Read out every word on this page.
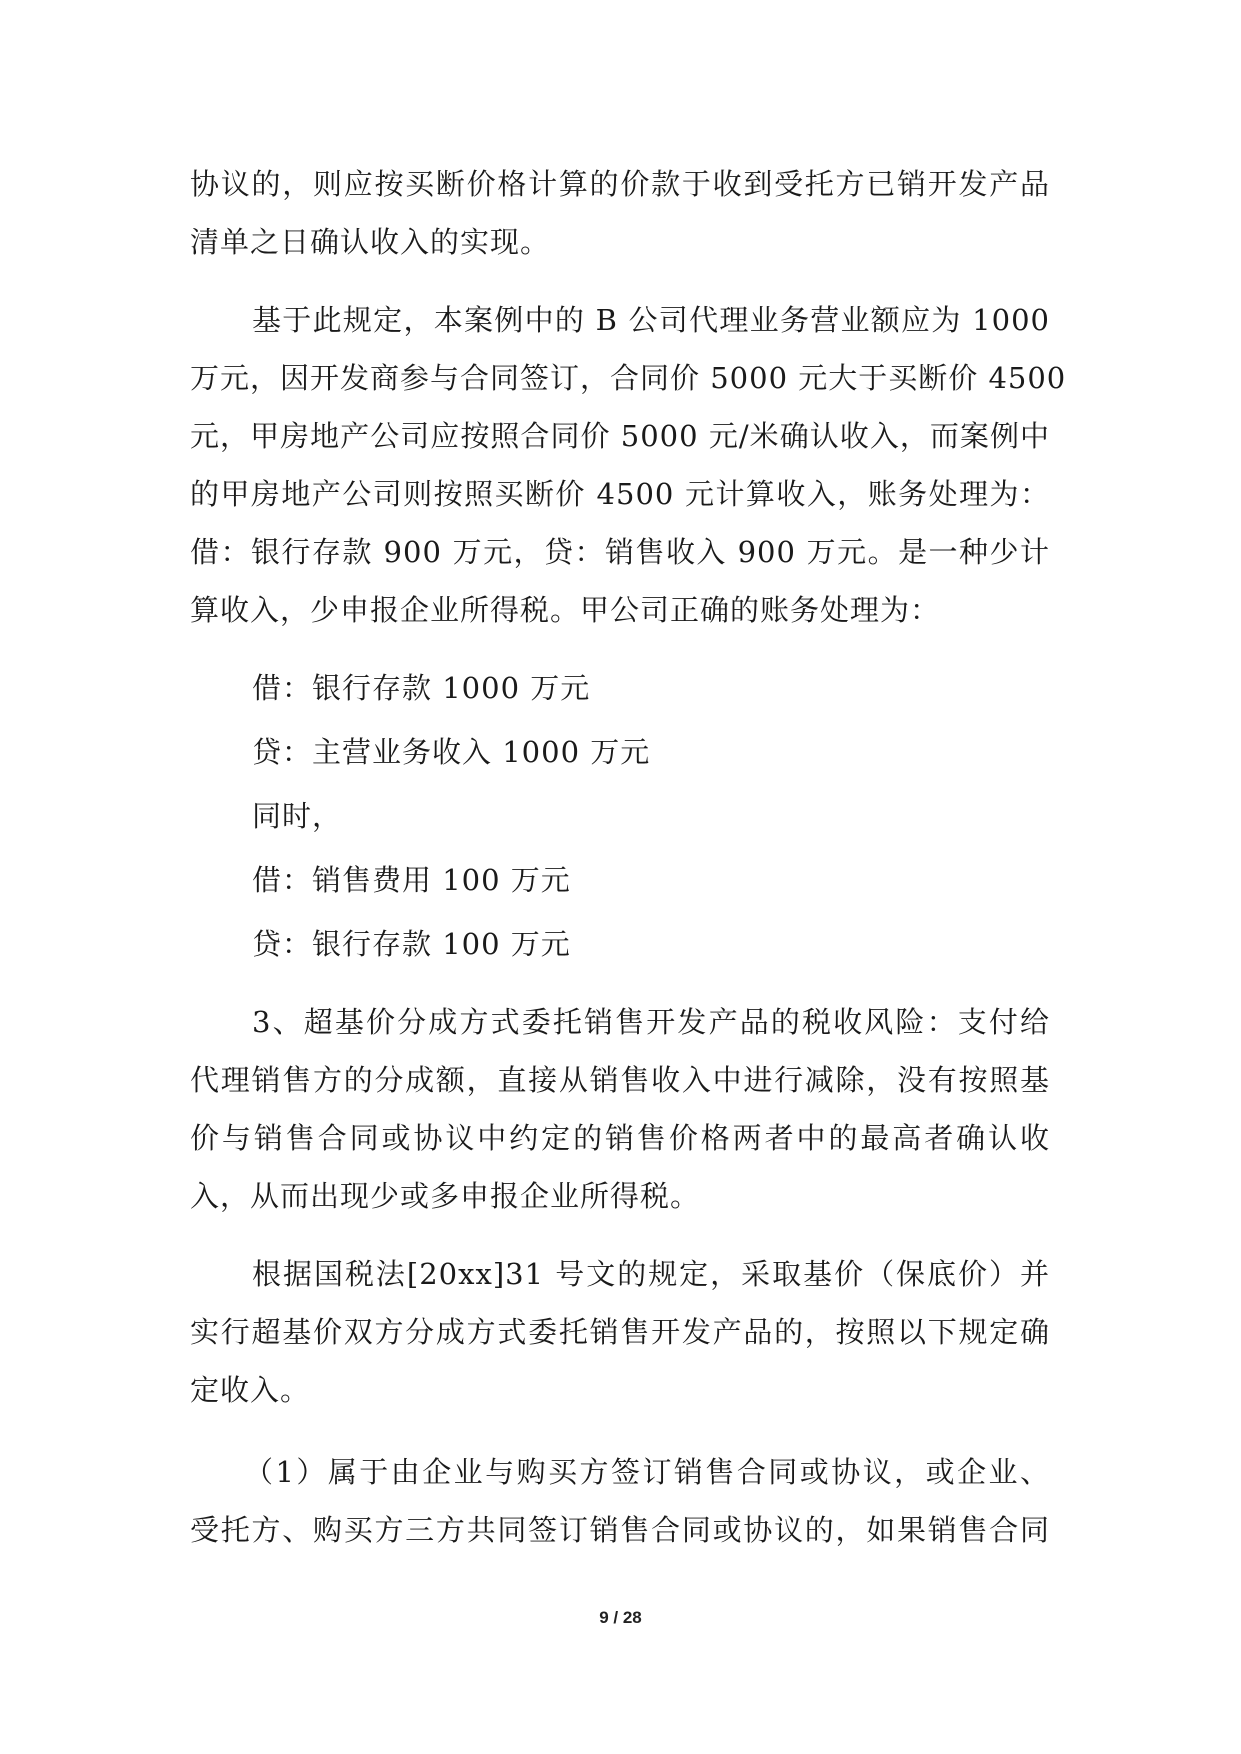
协议的，则应按买断价格计算的价款于收到受托方已销开发产品
清单之日确认收入的实现。
基于此规定，本案例中的 B 公司代理业务营业额应为 1000
万元，因开发商参与合同签订，合同价 5000 元大于买断价 4500
元，甲房地产公司应按照合同价 5000 元/米确认收入，而案例中
的甲房地产公司则按照买断价 4500 元计算收入，账务处理为：
借：银行存款 900 万元，贷：销售收入 900 万元。是一种少计
算收入，少申报企业所得税。甲公司正确的账务处理为：
借：银行存款 1000 万元
贷：主营业务收入 1000 万元
同时，
借：销售费用 100 万元
贷：银行存款 100 万元
3、超基价分成方式委托销售开发产品的税收风险：支付给
代理销售方的分成额，直接从销售收入中进行减除，没有按照基
价与销售合同或协议中约定的销售价格两者中的最高者确认收
入，从而出现少或多申报企业所得税。
根据国税法[20xx]31 号文的规定，采取基价（保底价）并
实行超基价双方分成方式委托销售开发产品的，按照以下规定确
定收入。
（1）属于由企业与购买方签订销售合同或协议，或企业、
受托方、购买方三方共同签订销售合同或协议的，如果销售合同
9 / 28
